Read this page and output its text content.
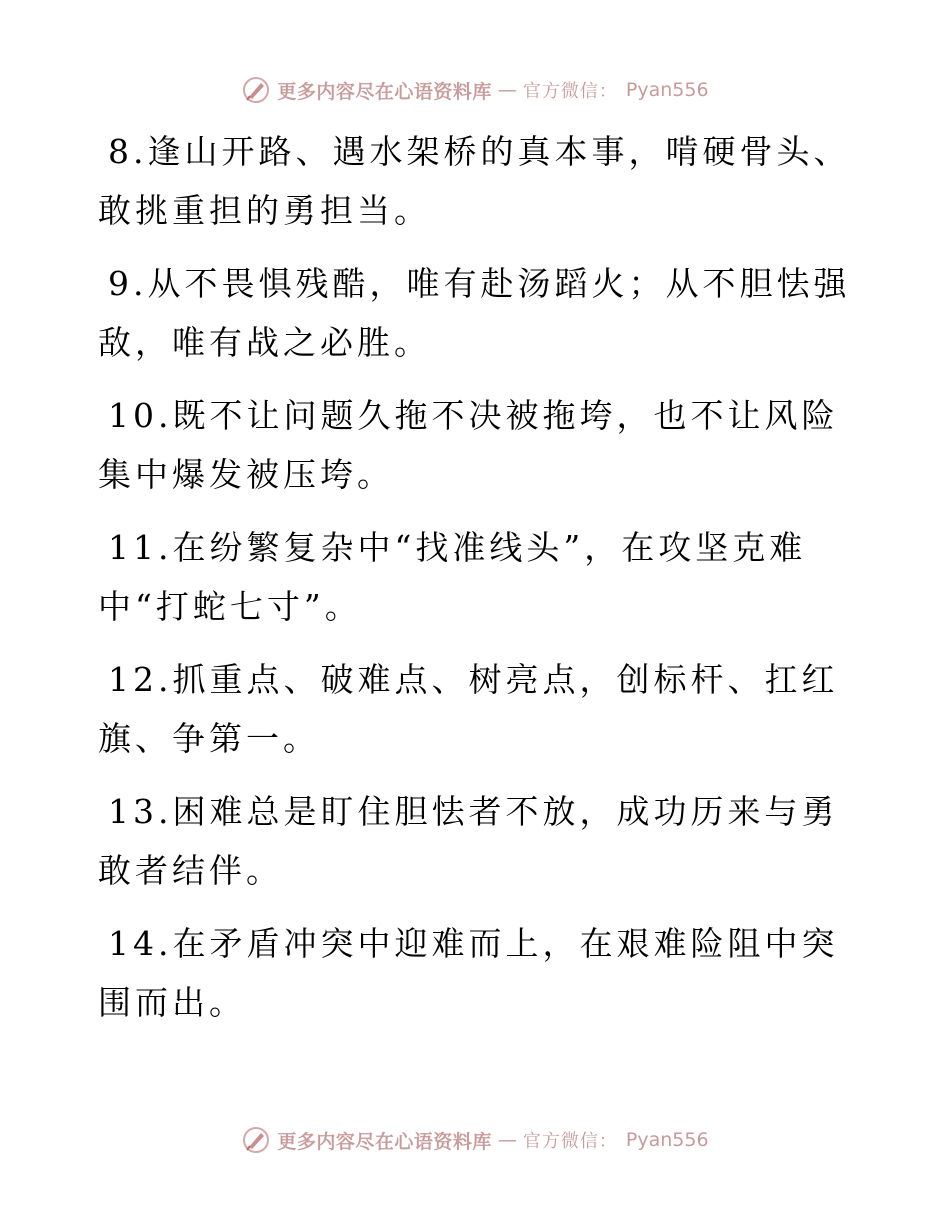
更多内容尽在心语资料库 — 官方微信： Pyan556

8.逢山开路、遇水架桥的真本事，啃硬骨头、敢挑重担的勇担当。

9.从不畏惧残酷，唯有赴汤蹈火；从不胆怯强敌，唯有战之必胜。

10.既不让问题久拖不决被拖垮，也不让风险集中爆发被压垮。

11.在纷繁复杂中“找准线头”，在攻坚克难中“打蛇七寸”。

12.抓重点、破难点、树亮点，创标杆、扛红旗、争第一。

13.困难总是盯住胆怯者不放，成功历来与勇敢者结伴。

14.在矛盾冲突中迎难而上，在艰难险阻中突围而出。

更多内容尽在心语资料库 — 官方微信： Pyan556
